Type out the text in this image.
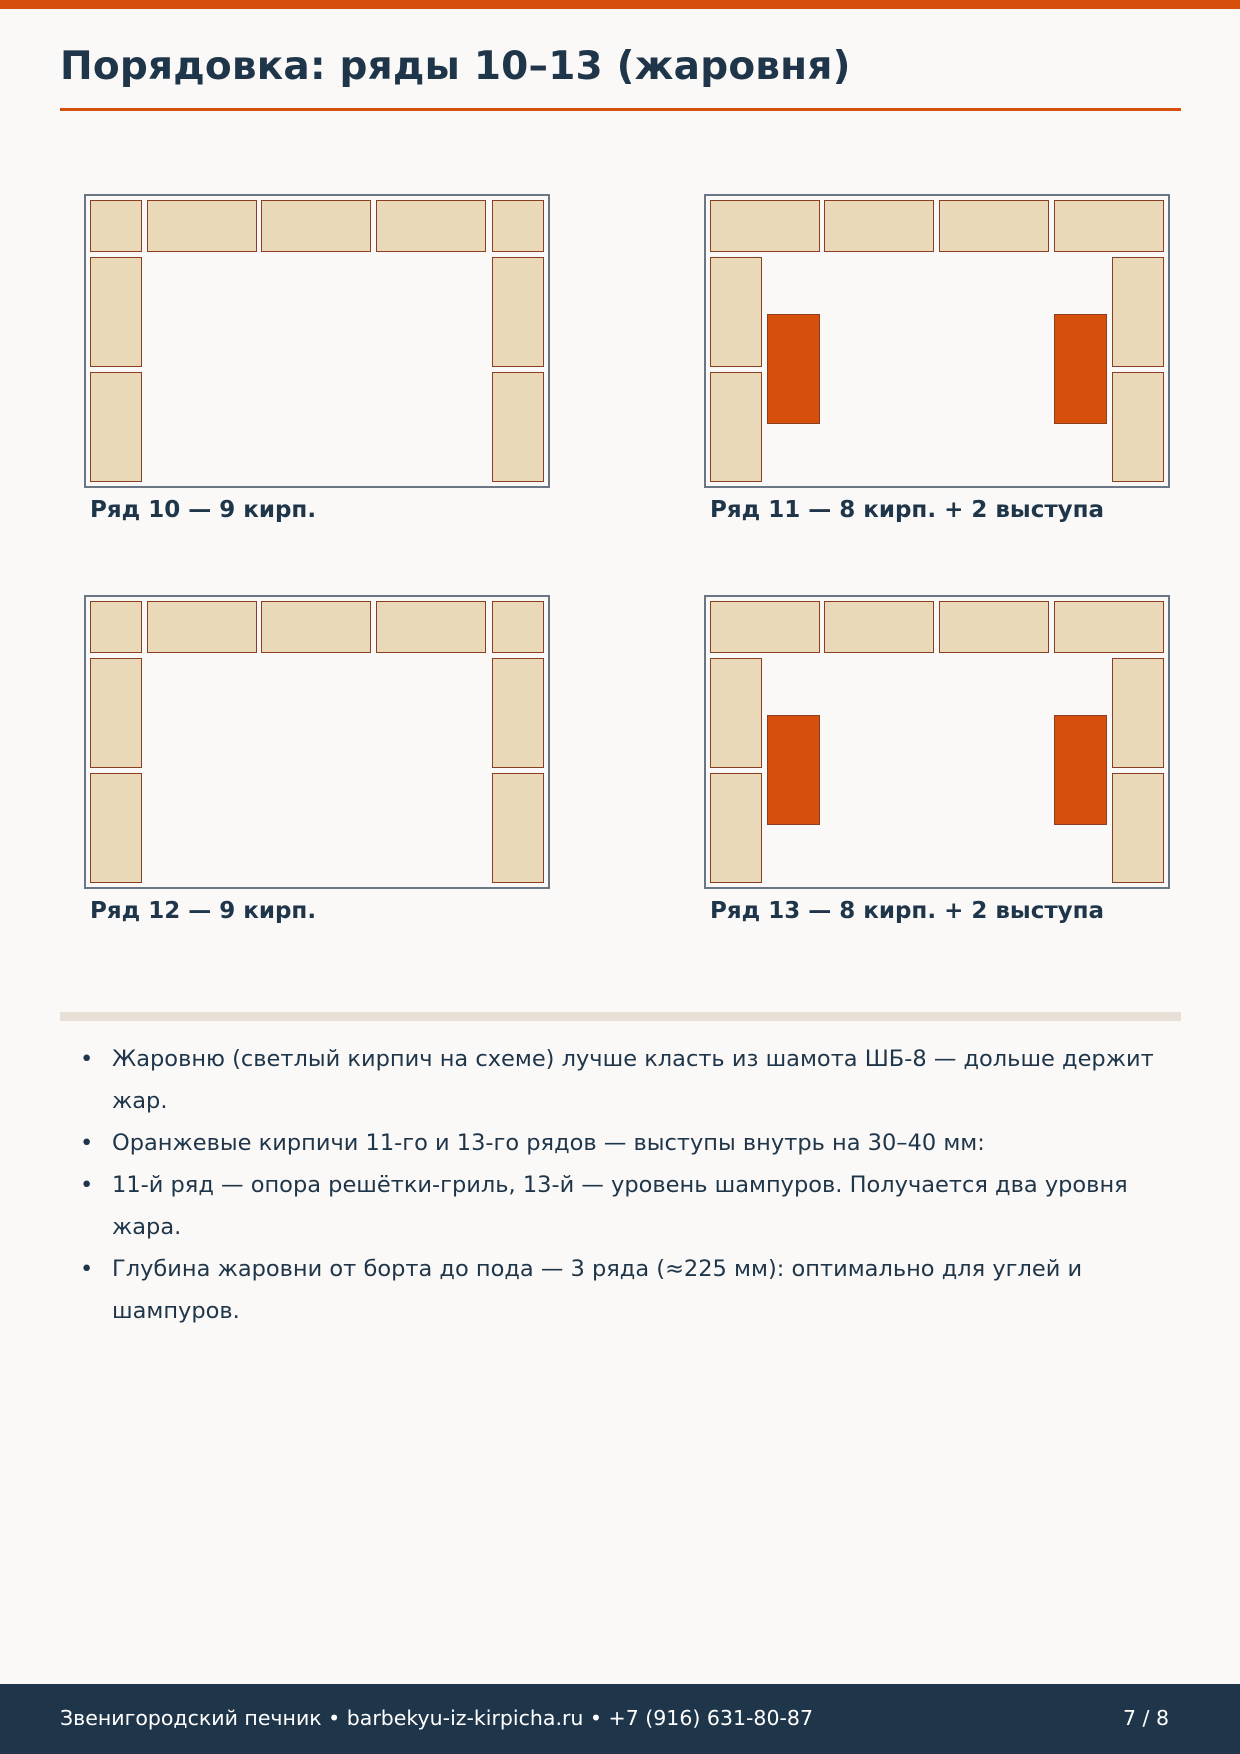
Порядовка: ряды 10–13 (жаровня)

Ряд 10 — 9 кирп.	Ряд 11 — 8 кирп. + 2 выступа

Ряд 12 — 9 кирп.	Ряд 13 — 8 кирп. + 2 выступа

• Жаровню (светлый кирпич на схеме) лучше класть из шамота ШБ-8 — дольше держит жар.
• Оранжевые кирпичи 11-го и 13-го рядов — выступы внутрь на 30–40 мм:
• 11-й ряд — опора решётки-гриль, 13-й — уровень шампуров. Получается два уровня жара.
• Глубина жаровни от борта до пода — 3 ряда (≈225 мм): оптимально для углей и шампуров.
Звенигородский печник • barbekyu-iz-kirpicha.ru • +7 (916) 631-80-87	7 / 8
